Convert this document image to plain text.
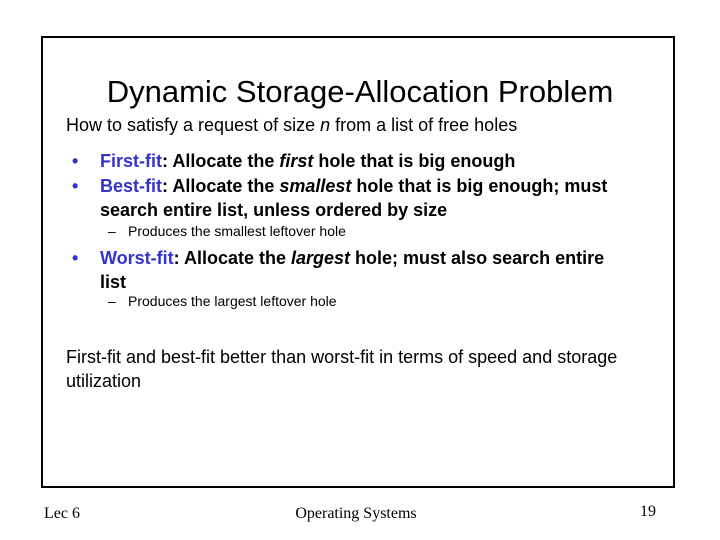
Dynamic Storage-Allocation Problem
How to satisfy a request of size n from a list of free holes
• First-fit: Allocate the first hole that is big enough
• Best-fit: Allocate the smallest hole that is big enough; must search entire list, unless ordered by size
– Produces the smallest leftover hole
• Worst-fit: Allocate the largest hole; must also search entire list
– Produces the largest leftover hole
First-fit and best-fit better than worst-fit in terms of speed and storage utilization
Lec 6	Operating Systems	19
